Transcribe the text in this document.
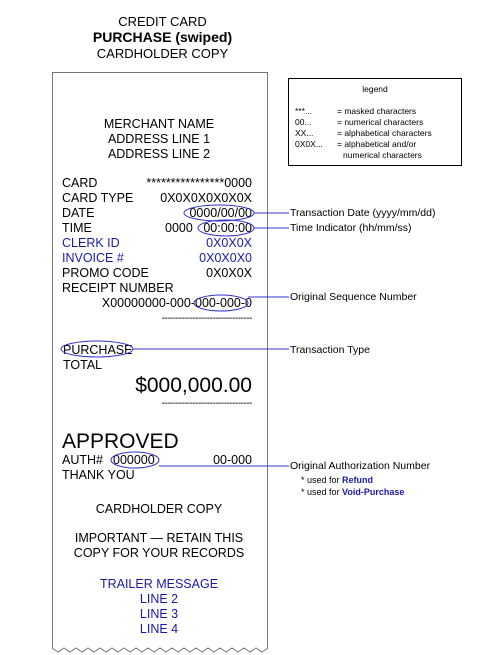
CREDIT CARD
PURCHASE (swiped)
CARDHOLDER COPY
MERCHANT NAME
ADDRESS LINE 1
ADDRESS LINE 2
CARD	****************0000
CARD TYPE 0X0X0X0X0X0X
DATE	0000/00/00
TIME	0000 00:00:00
CLERK ID	0X0X0X
INVOICE #	0X0X0X0
PROMO CODE	0X0X0X
RECEIPT NUMBER
X00000000-000-000-000-0
--------------------------------
PURCHASE
TOTAL
$000,000.00
--------------------------------
APPROVED
AUTH# 000000	00-000
THANK YOU
CARDHOLDER COPY
IMPORTANT — RETAIN THIS
COPY FOR YOUR RECORDS
TRAILER MESSAGE
LINE 2
LINE 3
LINE 4
legend
***...	= masked characters
00...	= numerical characters
XX...	= alphabetical characters
0X0X... = alphabetical and/or
numerical characters
Transaction Date (yyyy/mm/dd)
Time Indicator (hh/mm/ss)
Original Sequence Number
Transaction Type
Original Authorization Number
* used for Refund
* used for Void-Purchase
